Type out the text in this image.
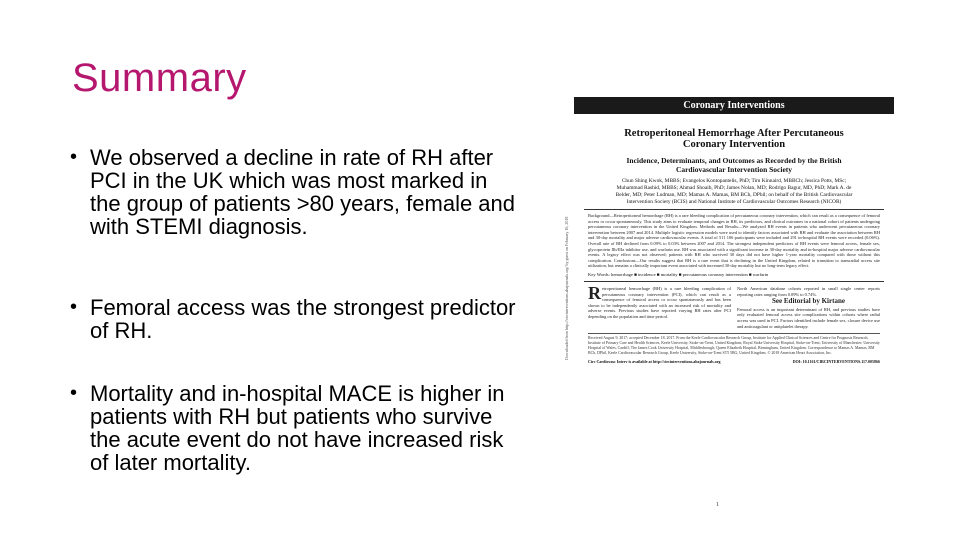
Summary
• We observed a decline in rate of RH after PCI in the UK which was most marked in the group of patients >80 years, female and with STEMI diagnosis.
• Femoral access was the strongest predictor of RH.
• Mortality and in-hospital MACE is higher in patients with RH but patients who survive the acute event do not have increased risk of later mortality.
Downloaded from http://circinterventions.ahajournals.org/ by guest on February 16, 2018
Coronary Interventions
Retroperitoneal Hemorrhage After Percutaneous Coronary Intervention
Incidence, Determinants, and Outcomes as Recorded by the British Cardiovascular Intervention Society
Chun Shing Kwok, MBBS; Evangelos Kontopantelis, PhD; Tim Kinnaird, MBBCh; Jessica Potts, MSc; Muhammad Rashid, MBBS; Ahmad Shoaib, PhD; James Nolan, MD; Rodrigo Bagur, MD, PhD; Mark A. de Belder, MD; Peter Ludman, MD; Mamas A. Mamas, BM BCh, DPhil; on behalf of the British Cardiovascular Intervention Society (BCIS) and National Institute of Cardiovascular Outcomes Research (NICOR)
Background—Retroperitoneal hemorrhage (RH) is a rare bleeding complication of percutaneous coronary intervention, which can result as a consequence of femoral access or occur spontaneously. This study aims to evaluate temporal changes in RH, its predictors, and clinical outcomes in a national cohort of patients undergoing percutaneous coronary intervention in the United Kingdom. Methods and Results—We analyzed RH events in patients who underwent percutaneous coronary intervention between 2007 and 2014. Multiple logistic regression models were used to identify factors associated with RH and evaluate the association between RH and 30-day mortality and major adverse cardiovascular events. A total of 511 106 participants were included and 291 in-hospital RH events were recorded (0.06%). Overall rate of RH declined from 0.09% to 0.03% between 2007 and 2014. The strongest independent predictors of RH events were femoral access, female sex, glycoprotein IIb/IIIa inhibitor use, and warfarin use. RH was associated with a significant increase in 30-day mortality and in-hospital major adverse cardiovascular events. A legacy effect was not observed; patients with RH who survived 30 days did not have higher 1-year mortality compared with those without this complication. Conclusions—Our results suggest that RH is a rare event that is declining in the United Kingdom, related to transition to transradial access site utilization, but remains a clinically important event associated with increased 30-day mortality but no long-term legacy effect.
Key Words: hemorrhage ■ incidence ■ mortality ■ percutaneous coronary intervention ■ warfarin
Retroperitoneal hemorrhage (RH) is a rare bleeding complication of percutaneous coronary intervention (PCI), which can result as a consequence of femoral access or occur spontaneously and has been shown to be independently associated with an increased risk of mortality and adverse events. Previous studies have reported varying RH rates after PCI depending on the population and time period.
North American database cohorts reported in small single center reports reporting rates ranging from 0.09% to 0.74%.
See Editorial by Kirtane
Femoral access is an important determinant of RH, and previous studies have only evaluated femoral access site complications within cohorts where radial access was used in PCI. Factors identified include female sex, closure device use and anticoagulant or antiplatelet therapy.
Received August 9, 2017; accepted December 18, 2017. From the Keele Cardiovascular Research Group, Institute for Applied Clinical Sciences and Centre for Prognosis Research, Institute of Primary Care and Health Sciences, Keele University, Stoke-on-Trent, United Kingdom; Royal Stoke University Hospital, Stoke-on-Trent; University of Manchester; University Hospital of Wales, Cardiff; The James Cook University Hospital, Middlesbrough; Queen Elizabeth Hospital, Birmingham, United Kingdom. Correspondence to Mamas A. Mamas, BM BCh, DPhil, Keele Cardiovascular Research Group, Keele University, Stoke-on-Trent ST5 5BG, United Kingdom. © 2018 American Heart Association, Inc.
Circ Cardiovasc Interv is available at http://circinterventions.ahajournals.org	DOI: 10.1161/CIRCINTERVENTIONS.117.005866
1
